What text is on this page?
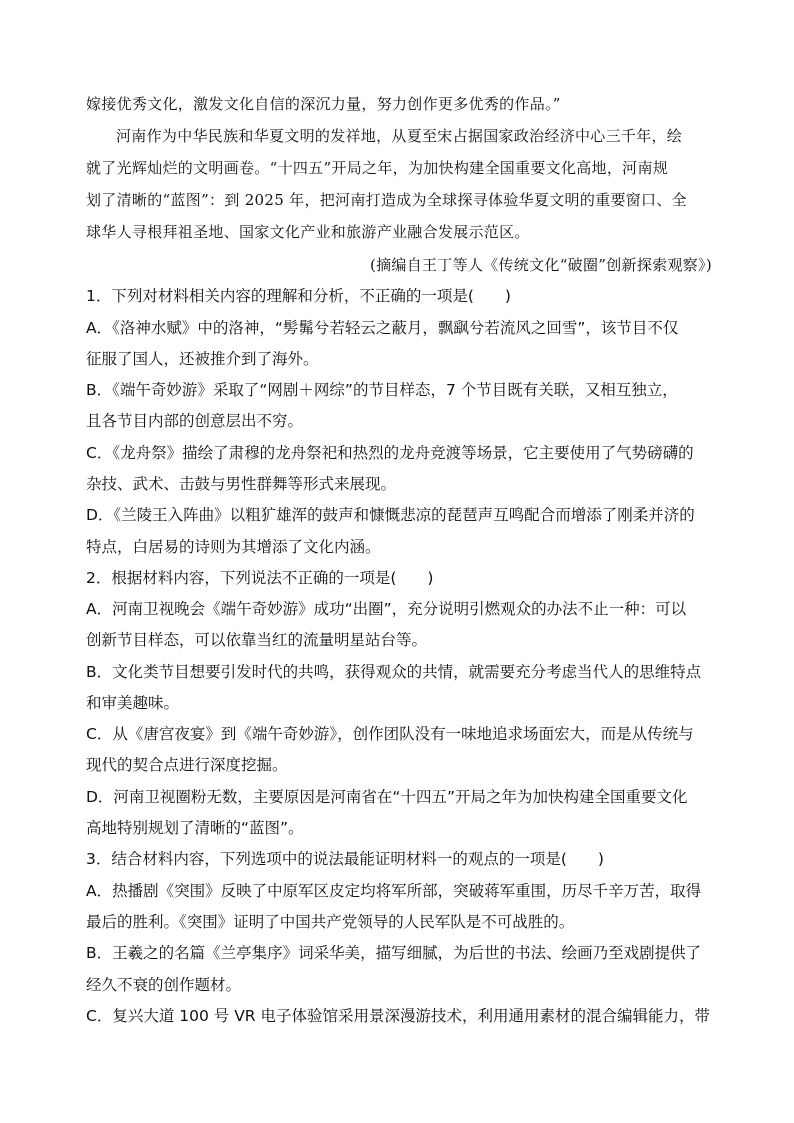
嫁接优秀文化，激发文化自信的深沉力量，努力创作更多优秀的作品。”
河南作为中华民族和华夏文明的发祥地，从夏至宋占据国家政治经济中心三千年，绘
就了光辉灿烂的文明画卷。“十四五”开局之年，为加快构建全国重要文化高地，河南规
划了清晰的“蓝图”：到 2025 年，把河南打造成为全球探寻体验华夏文明的重要窗口、全
球华人寻根拜祖圣地、国家文化产业和旅游产业融合发展示范区。
(摘编自王丁等人《传统文化“破圈”创新探索观察》)
1．下列对材料相关内容的理解和分析，不正确的一项是(　　)
A．《洛神水赋》中的洛神，“髣髴兮若轻云之蔽月，飘飖兮若流风之回雪”，该节目不仅
征服了国人，还被推介到了海外。
B．《端午奇妙游》采取了“网剧＋网综”的节目样态，7 个节目既有关联，又相互独立，
且各节目内部的创意层出不穷。
C．《龙舟祭》描绘了肃穆的龙舟祭祀和热烈的龙舟竞渡等场景，它主要使用了气势磅礴的
杂技、武术、击鼓与男性群舞等形式来展现。
D．《兰陵王入阵曲》以粗犷雄浑的鼓声和慷慨悲凉的琵琶声互鸣配合而增添了刚柔并济的
特点，白居易的诗则为其增添了文化内涵。
2．根据材料内容，下列说法不正确的一项是(　　)
A．河南卫视晚会《端午奇妙游》成功“出圈”，充分说明引燃观众的办法不止一种：可以
创新节目样态，可以依靠当红的流量明星站台等。
B．文化类节目想要引发时代的共鸣，获得观众的共情，就需要充分考虑当代人的思维特点
和审美趣味。
C．从《唐宫夜宴》到《端午奇妙游》，创作团队没有一味地追求场面宏大，而是从传统与
现代的契合点进行深度挖掘。
D．河南卫视圈粉无数，主要原因是河南省在“十四五”开局之年为加快构建全国重要文化
高地特别规划了清晰的“蓝图”。
3．结合材料内容，下列选项中的说法最能证明材料一的观点的一项是(　　)
A．热播剧《突围》反映了中原军区皮定均将军所部，突破蒋军重围，历尽千辛万苦，取得
最后的胜利。《突围》证明了中国共产党领导的人民军队是不可战胜的。
B．王羲之的名篇《兰亭集序》词采华美，描写细腻，为后世的书法、绘画乃至戏剧提供了
经久不衰的创作题材。
C．复兴大道 100 号 VR 电子体验馆采用景深漫游技术，利用通用素材的混合编辑能力，带
